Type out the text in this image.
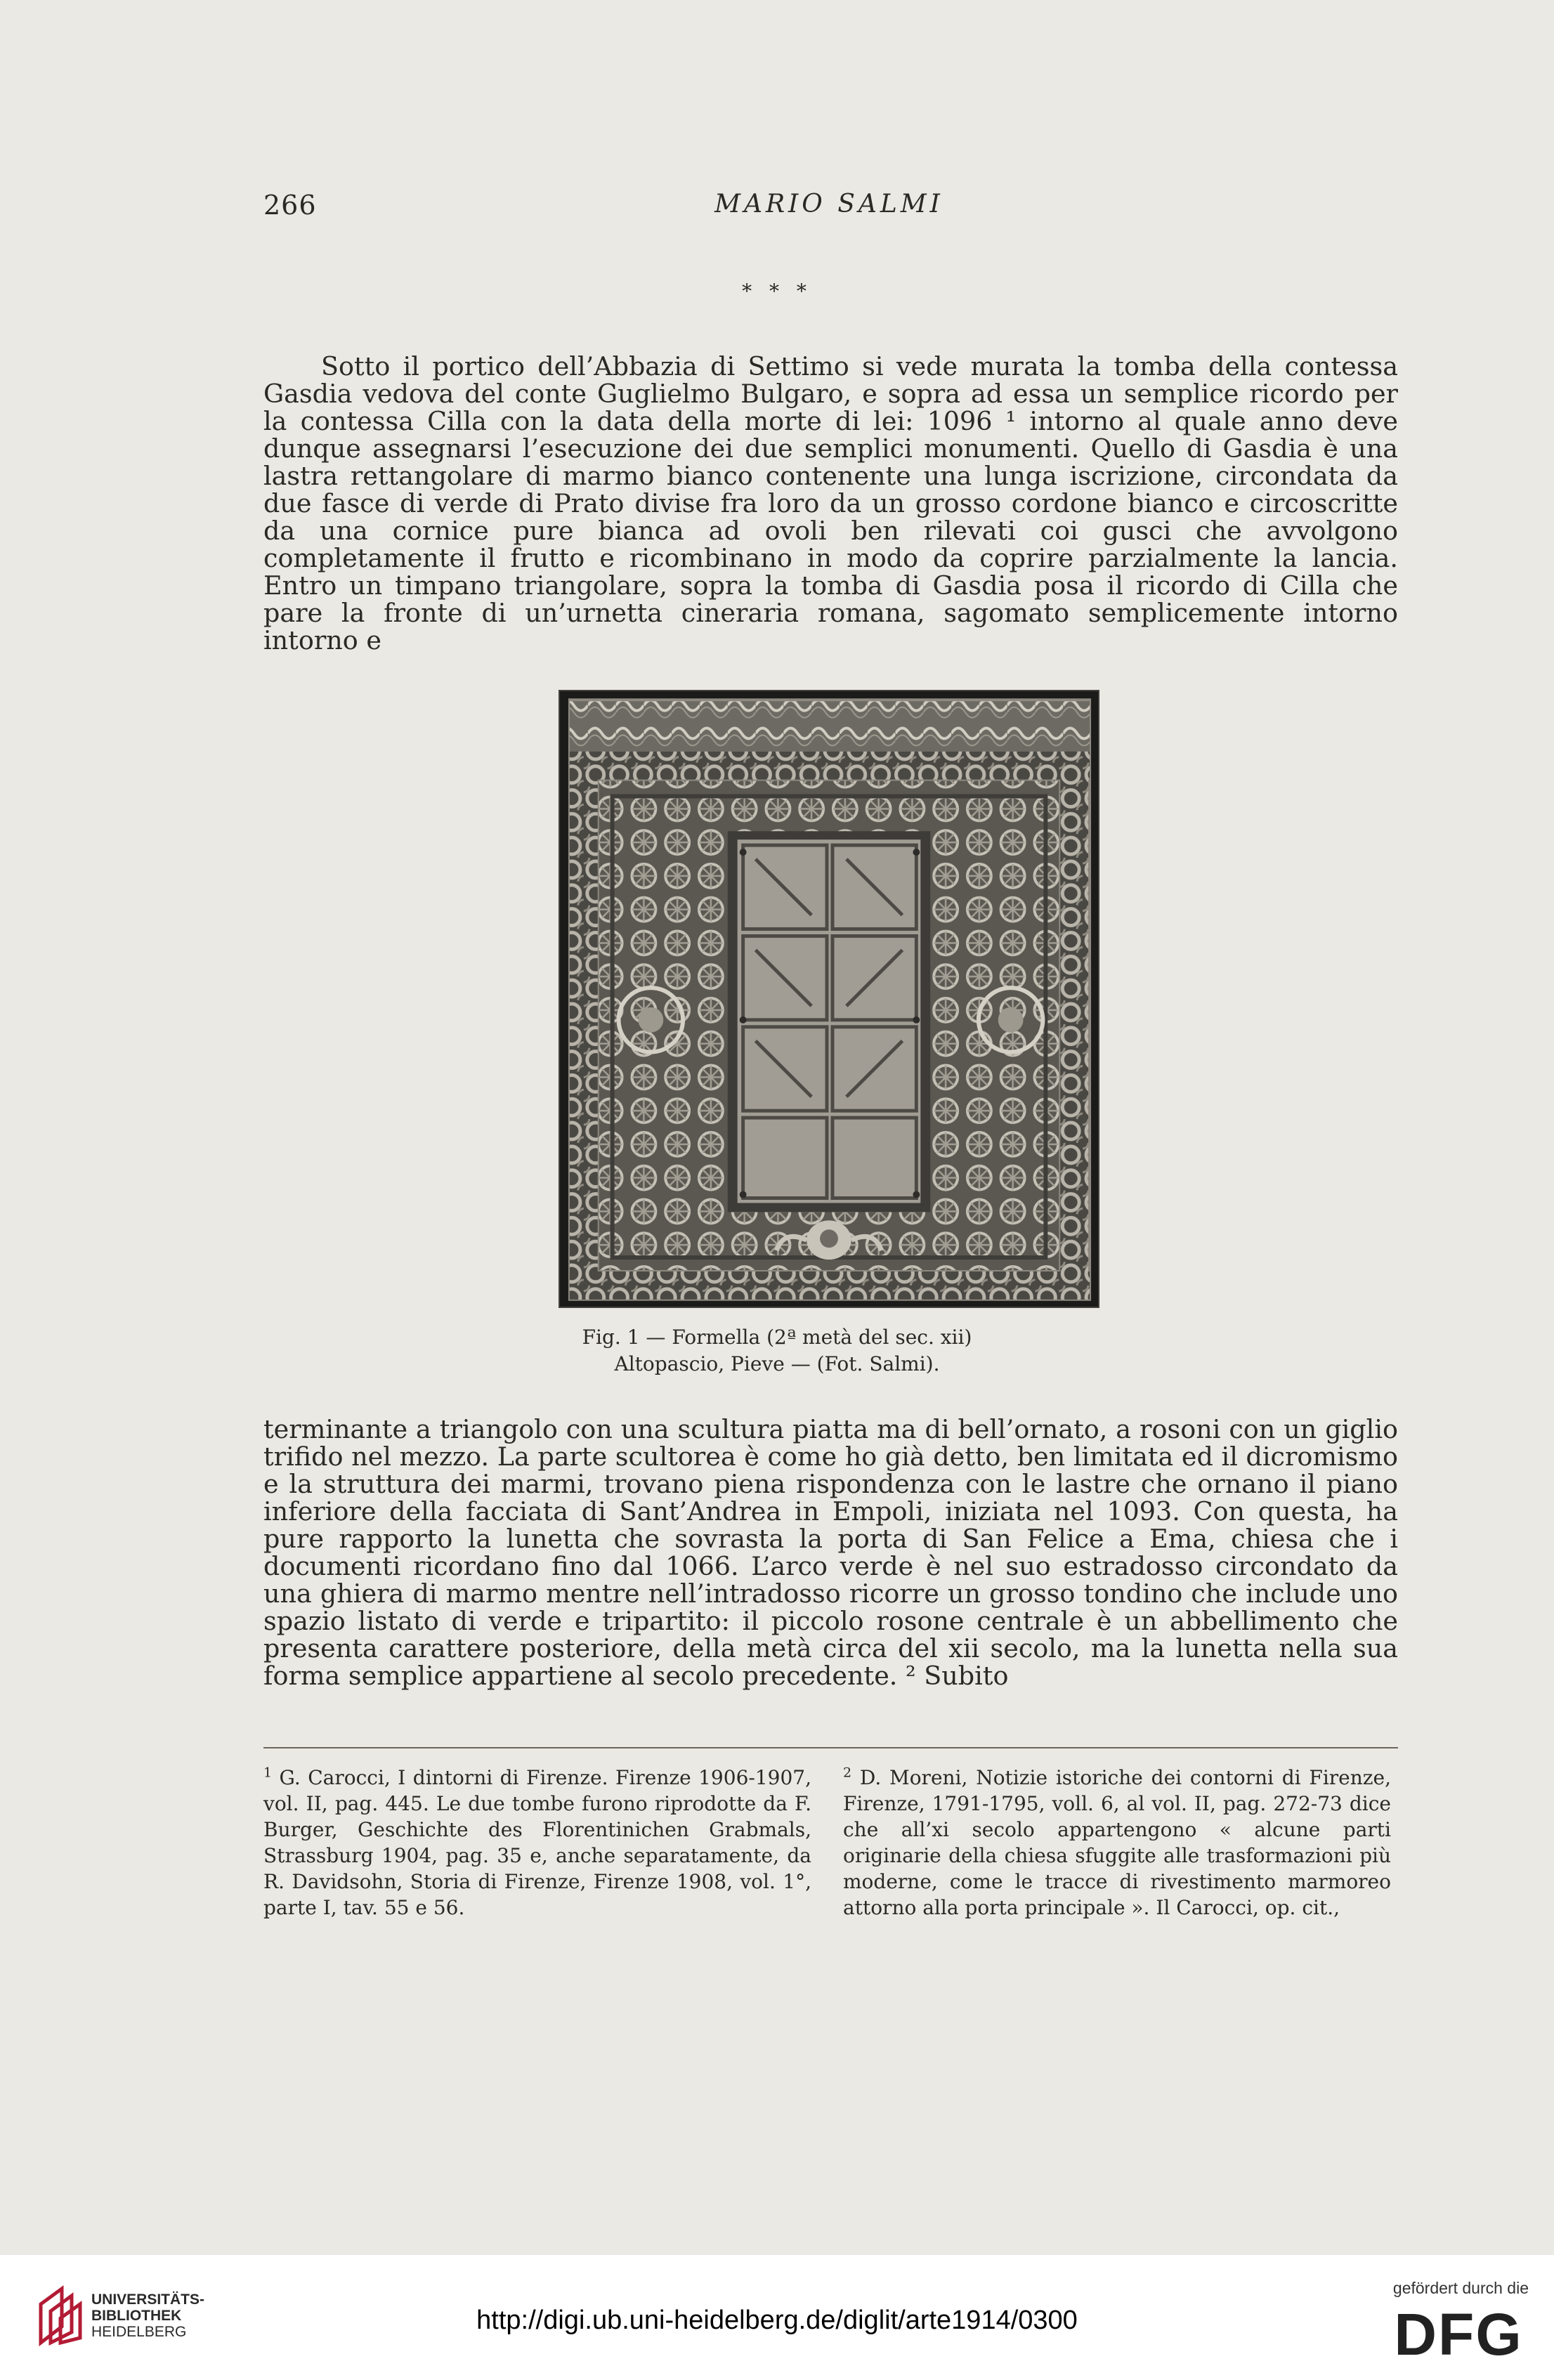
266	MARIO SALMI
* * *

Sotto il portico dell’Abbazia di Settimo si vede murata la tomba della contessa Gasdia vedova del conte Guglielmo Bulgaro, e sopra ad essa un semplice ricordo per la contessa Cilla con la data della morte di lei: 1096 ¹ intorno al quale anno deve dunque assegnarsi l’esecuzione dei due semplici monumenti. Quello di Gasdia è una lastra rettangolare di marmo bianco contenente una lunga iscrizione, circondata da due fasce di verde di Prato divise fra loro da un grosso cordone bianco e circoscritte da una cornice pure bianca ad ovoli ben rilevati coi gusci che avvolgono completamente il frutto e ricombinano in modo da coprire parzialmente la lancia. Entro un timpano triangolare, sopra la tomba di Gasdia posa il ricordo di Cilla che pare la fronte di un’urnetta cineraria romana, sagomato semplicemente intorno intorno e

Fig. 1 — Formella (2ª metà del sec. xii)
Altopascio, Pieve — (Fot. Salmi).

terminante a triangolo con una scultura piatta ma di bell’ornato, a rosoni con un giglio trifido nel mezzo. La parte scultorea è come ho già detto, ben limitata ed il dicromismo e la struttura dei marmi, trovano piena rispondenza con le lastre che ornano il piano inferiore della facciata di Sant’Andrea in Empoli, iniziata nel 1093. Con questa, ha pure rapporto la lunetta che sovrasta la porta di San Felice a Ema, chiesa che i documenti ricordano fino dal 1066. L’arco verde è nel suo estradosso circondato da una ghiera di marmo mentre nell’intradosso ricorre un grosso tondino che include uno spazio listato di verde e tripartito: il piccolo rosone centrale è un abbellimento che presenta carattere posteriore, della metà circa del xii secolo, ma la lunetta nella sua forma semplice appartiene al secolo precedente. ² Subito

$^1$ G. Carocci, I dintorni di Firenze. Firenze 1906-1907, vol. II, pag. 445. Le due tombe furono riprodotte da F. Burger, Geschichte des Florentinichen Grabmals, Strassburg 1904, pag. 35 e, anche separatamente, da R. Davidsohn, Storia di Firenze, Firenze 1908, vol. 1°, parte I, tav. 55 e 56.

$^2$ D. Moreni, Notizie istoriche dei contorni di Firenze, Firenze, 1791-1795, voll. 6, al vol. II, pag. 272-73 dice che all’xi secolo appartengono « alcune parti originarie della chiesa sfuggite alle trasformazioni più moderne, come le tracce di rivestimento marmoreo attorno alla porta principale ». Il Carocci, op. cit.,

UNIVERSITÄTS-
BIBLIOTHEK
HEIDELBERG	http://digi.ub.uni-heidelberg.de/diglit/arte1914/0300
gefördert durch die
DFG
